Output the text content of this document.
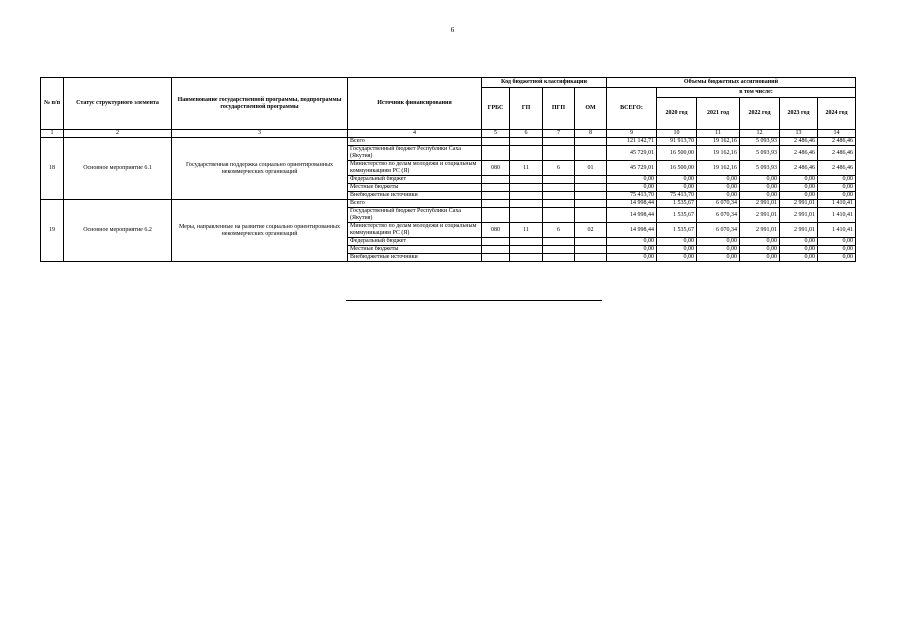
6
№ п/п	Статус структурного элемента	Наименование государственной программы, подпрограммы государственной программы	Источник финансирования	Код бюджетной классификации				Объемы бюджетных ассигнований					
				ГРБС	ГП	ПГП	ОМ	ВСЕГО:	в том числе:				
									2020 год	2021 год	2022 год	2023 год	2024 год
1	2	3	4	5	6	7	8	9	10	11	12	13	14
18	Основное мероприятие 6.1	Государственная поддержка социально ориентированных некоммерческих организаций	Всего					121 142,71	91 913,70	19 162,16	5 093,93	2 486,46	2 486,46
			Государственный бюджет Республики Саха (Якутия)					45 729,01	16 500,00	19 162,16	5 093,93	2 486,46	2 486,46
			Министерство по делам молодежи и социальным коммуникациям РС (Я)	080	11	6	01	45 729,01	16 500,00	19 162,16	5 093,93	2 486,46	2 486,46
			Федеральный бюджет					0,00	0,00	0,00	0,00	0,00	0,00
			Местные бюджеты					0,00	0,00	0,00	0,00	0,00	0,00
			Внебюджетные источники					75 413,70	75 413,70	0,00	0,00	0,00	0,00
19	Основное мероприятие 6.2	Меры, направленные на развитие социально ориентированных некоммерческих организаций	Всего					14 998,44	1 535,67	6 070,34	2 991,01	2 991,01	1 410,41
			Государственный бюджет Республики Саха (Якутия)					14 998,44	1 535,67	6 070,34	2 991,01	2 991,01	1 410,41
			Министерство по делам молодежи и социальным коммуникациям РС (Я)	080	11	6	02	14 998,44	1 535,67	6 070,34	2 991,01	2 991,01	1 410,41
			Федеральный бюджет					0,00	0,00	0,00	0,00	0,00	0,00
			Местные бюджеты					0,00	0,00	0,00	0,00	0,00	0,00
			Внебюджетные источники					0,00	0,00	0,00	0,00	0,00	0,00
